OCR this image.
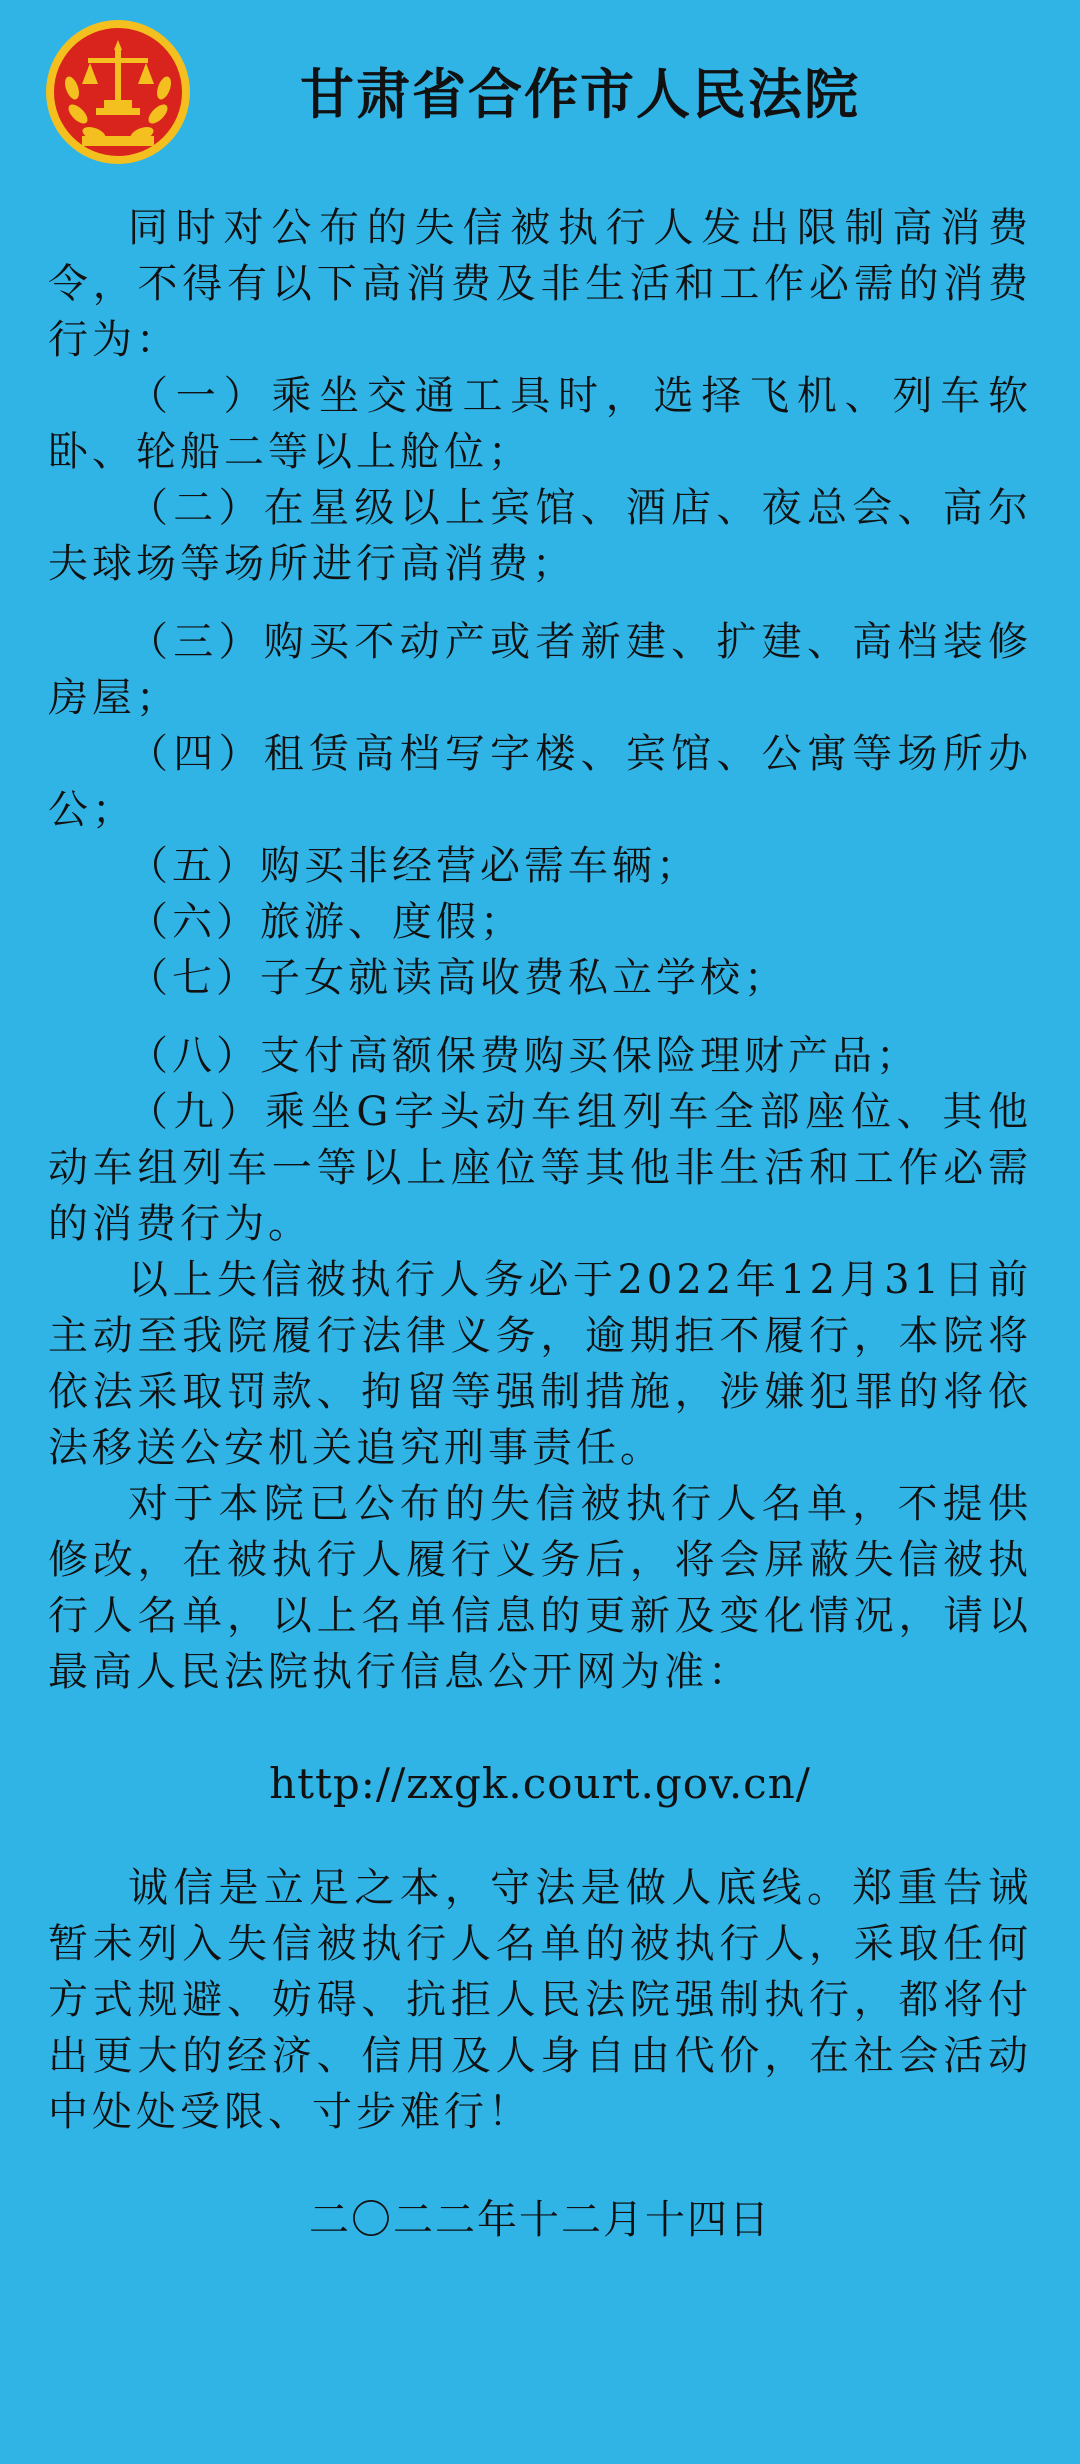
甘肃省合作市人民法院

同时对公布的失信被执行人发出限制高消费令，不得有以下高消费及非生活和工作必需的消费行为：

（一）乘坐交通工具时，选择飞机、列车软卧、轮船二等以上舱位；

（二）在星级以上宾馆、酒店、夜总会、高尔夫球场等场所进行高消费；

（三）购买不动产或者新建、扩建、高档装修房屋；

（四）租赁高档写字楼、宾馆、公寓等场所办公；

（五）购买非经营必需车辆；

（六）旅游、度假；

（七）子女就读高收费私立学校；

（八）支付高额保费购买保险理财产品；

（九）乘坐G字头动车组列车全部座位、其他动车组列车一等以上座位等其他非生活和工作必需的消费行为。

以上失信被执行人务必于2022年12月31日前主动至我院履行法律义务，逾期拒不履行，本院将依法采取罚款、拘留等强制措施，涉嫌犯罪的将依法移送公安机关追究刑事责任。

对于本院已公布的失信被执行人名单，不提供修改，在被执行人履行义务后，将会屏蔽失信被执行人名单，以上名单信息的更新及变化情况，请以最高人民法院执行信息公开网为准：

http://zxgk.court.gov.cn/

诚信是立足之本，守法是做人底线。郑重告诫暂未列入失信被执行人名单的被执行人，采取任何方式规避、妨碍、抗拒人民法院强制执行，都将付出更大的经济、信用及人身自由代价，在社会活动中处处受限、寸步难行！

二〇二二年十二月十四日
